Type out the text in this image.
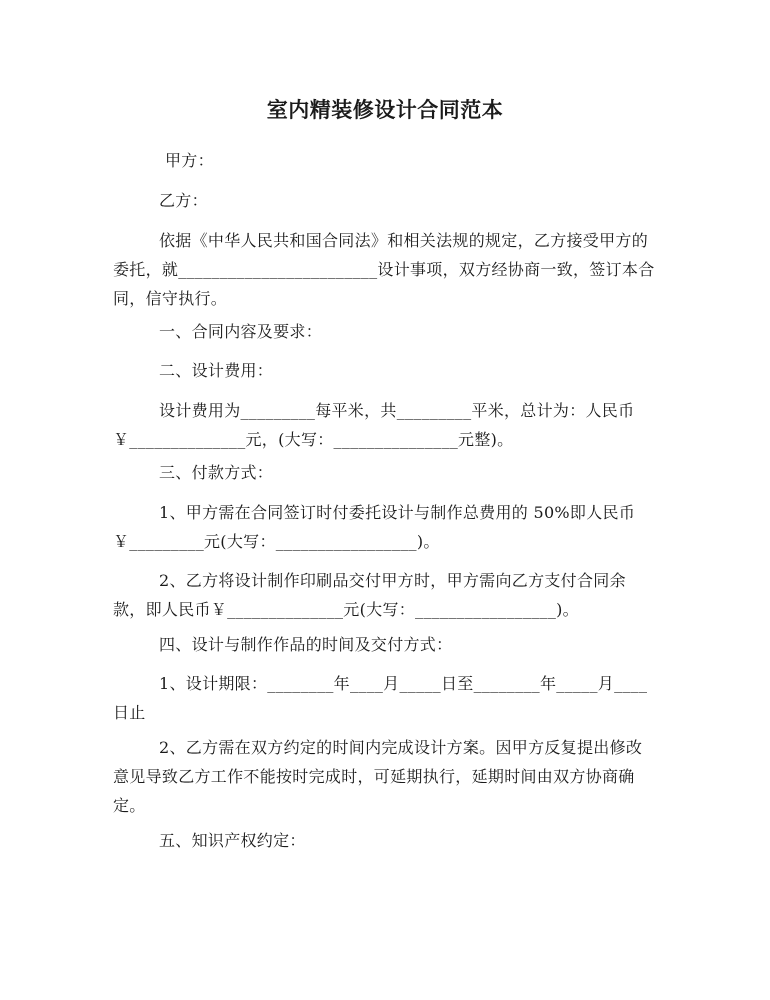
室内精装修设计合同范本

甲方：

乙方：

依据《中华人民共和国合同法》和相关法规的规定，乙方接受甲方的委托，就________________________设计事项，双方经协商一致，签订本合同，信守执行。

一、合同内容及要求：

二、设计费用：

设计费用为_________每平米，共_________平米，总计为：人民币￥______________元，(大写：_______________元整)。

三、付款方式：

1、甲方需在合同签订时付委托设计与制作总费用的 50%即人民币￥_________元(大写：_________________)。

2、乙方将设计制作印刷品交付甲方时，甲方需向乙方支付合同余款，即人民币￥______________元(大写：_________________)。

四、设计与制作作品的时间及交付方式：

1、设计期限：________年____月_____日至________年_____月____日止

2、乙方需在双方约定的时间内完成设计方案。因甲方反复提出修改意见导致乙方工作不能按时完成时，可延期执行，延期时间由双方协商确定。

五、知识产权约定：
